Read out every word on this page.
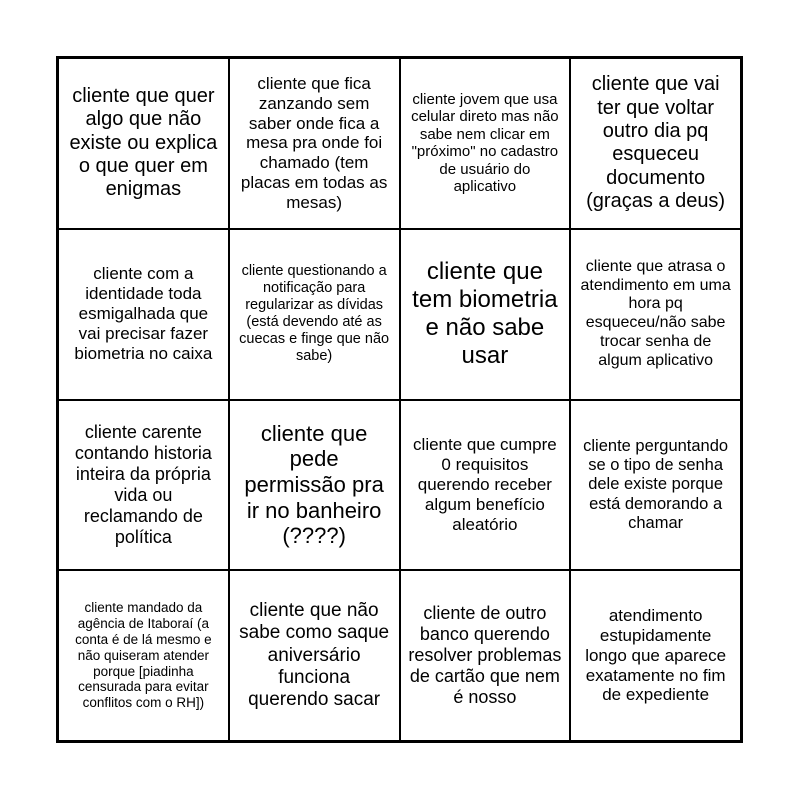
cliente que quer algo que não existe ou explica o que quer em enigmas
cliente que fica zanzando sem saber onde fica a mesa pra onde foi chamado (tem placas em todas as mesas)
cliente jovem que usa celular direto mas não sabe nem clicar em "próximo" no cadastro de usuário do aplicativo
cliente que vai ter que voltar outro dia pq esqueceu documento (graças a deus)
cliente com a identidade toda esmigalhada que vai precisar fazer biometria no caixa
cliente questionando a notificação para regularizar as dívidas (está devendo até as cuecas e finge que não sabe)
cliente que tem biometria e não sabe usar
cliente que atrasa o atendimento em uma hora pq esqueceu/não sabe trocar senha de algum aplicativo
cliente carente contando historia inteira da própria vida ou reclamando de política
cliente que pede permissão pra ir no banheiro (????)
cliente que cumpre 0 requisitos querendo receber algum benefício aleatório
cliente perguntando se o tipo de senha dele existe porque está demorando a chamar
cliente mandado da agência de Itaboraí (a conta é de lá mesmo e não quiseram atender porque [piadinha censurada para evitar conflitos com o RH])
cliente que não sabe como saque aniversário funciona querendo sacar
cliente de outro banco querendo resolver problemas de cartão que nem é nosso
atendimento estupidamente longo que aparece exatamente no fim de expediente
